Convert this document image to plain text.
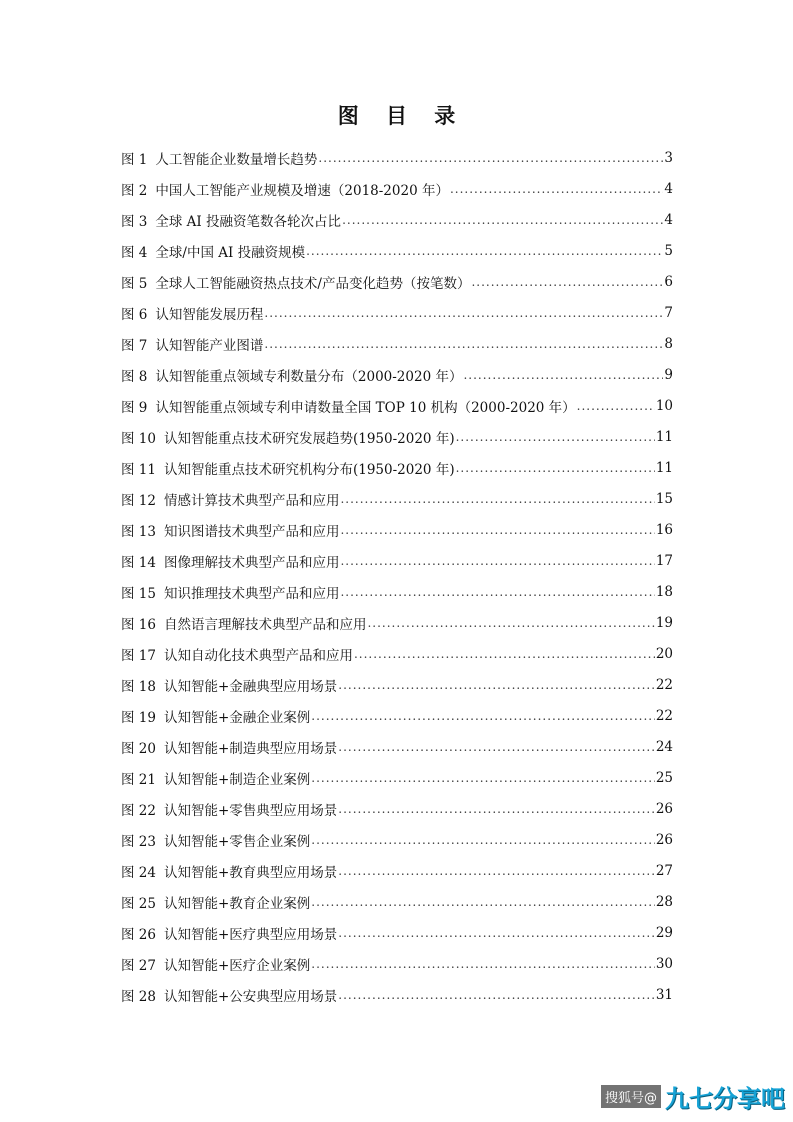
图 目 录
图 1 人工智能企业数量增长趋势 .....	3
图 2 中国人工智能产业规模及增速（2018-2020 年） .....	4
图 3 全球 AI 投融资笔数各轮次占比 .....	4
图 4 全球/中国 AI 投融资规模 .....	5
图 5 全球人工智能融资热点技术/产品变化趋势（按笔数） .....	6
图 6 认知智能发展历程 .....	7
图 7 认知智能产业图谱 .....	8
图 8 认知智能重点领域专利数量分布（2000-2020 年） .....	9
图 9 认知智能重点领域专利申请数量全国 TOP 10 机构（2000-2020 年） .....	10
图 10 认知智能重点技术研究发展趋势(1950-2020 年) .....	11
图 11 认知智能重点技术研究机构分布(1950-2020 年) .....	11
图 12 情感计算技术典型产品和应用 .....	15
图 13 知识图谱技术典型产品和应用 .....	16
图 14 图像理解技术典型产品和应用 .....	17
图 15 知识推理技术典型产品和应用 .....	18
图 16 自然语言理解技术典型产品和应用 .....	19
图 17 认知自动化技术典型产品和应用 .....	20
图 18 认知智能+金融典型应用场景 .....	22
图 19 认知智能+金融企业案例 .....	22
图 20 认知智能+制造典型应用场景 .....	24
图 21 认知智能+制造企业案例 .....	25
图 22 认知智能+零售典型应用场景 .....	26
图 23 认知智能+零售企业案例 .....	26
图 24 认知智能+教育典型应用场景 .....	27
图 25 认知智能+教育企业案例 .....	28
图 26 认知智能+医疗典型应用场景 .....	29
图 27 认知智能+医疗企业案例 .....	30
图 28 认知智能+公安典型应用场景 .....	31
搜狐号@ 九七分享吧
